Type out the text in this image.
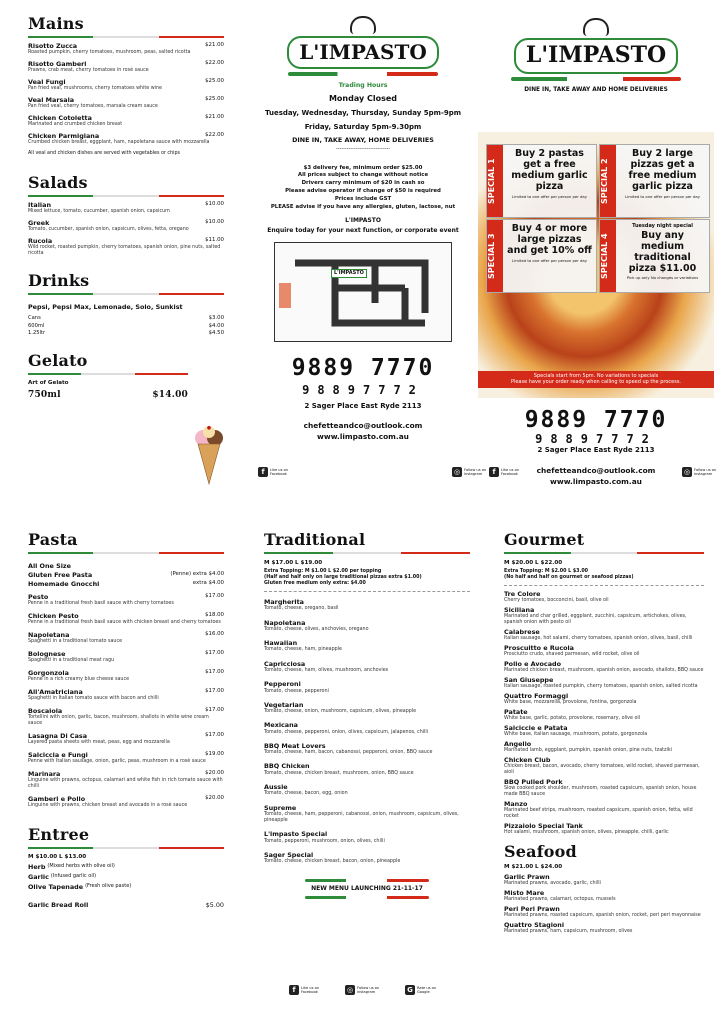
Mains
Risotto Zucca	$21.00
Roasted pumpkin, cherry tomatoes, mushroom, peas, salted ricotta
Risotto Gamberi	$22.00
Prawns, crab meat, cherry tomatoes in rosé sauce
Veal Fungi	$25.00
Pan fried veal, mushrooms, cherry tomatoes white wine
Veal Marsala	$25.00
Pan fried veal, cherry tomatoes, marsala cream sauce
Chicken Cotoletta	$21.00
Marinated and crumbed chicken breast
Chicken Parmigiana	$22.00
Crumbed chicken breast, eggplant, ham, napoletana sauce with mozzarella
All veal and chicken dishes are served with vegetables or chips
Salads
Italian	$10.00
Mixed lettuce, tomato, cucumber, spanish onion, capsicum
Greek	$10.00
Tomato, cucumber, spanish onion, capsicum, olives, fetta, oregano
Rucola	$11.00
Wild rocket, roasted pumpkin, cherry tomatoes, spanish onion, pine nuts, salted ricotta
Drinks
Pepsi, Pepsi Max, Lemonade, Solo, Sunkist
Cans	$3.00
600ml	$4.00
1.25ltr	$4.50
Gelato
Art of Gelato
750ml	$14.00
L'IMPASTO
Trading Hours
Monday Closed
Tuesday, Wednesday, Thursday, Sunday 5pm-9pm
Friday, Saturday 5pm-9.30pm
DINE IN, TAKE AWAY, HOME DELIVERIES
------------------------------
$3 delivery fee, minimum order $25.00
All prices subject to change without notice
Drivers carry minimum of $20 in cash so
Please advise operator if change of $50 is required
Prices include GST
PLEASE advise if you have any allergies, gluten, lactose, nut
L'IMPASTO
Enquire today for your next function, or corporate event
L'IMPASTO
9889 7770
98897772
2 Sager Place East Ryde 2113
chefetteandco@outlook.com
www.limpasto.com.au
f	Like us on Facebook	◎	Follow us on instagram
L'IMPASTO
DINE IN, TAKE AWAY AND HOME DELIVERIES
SPECIAL 1
Buy 2 pastas get a free medium garlic pizza
Limited to one offer per person per day	SPECIAL 2
Buy 2 large pizzas get a free medium garlic pizza
Limited to one offer per person per day
SPECIAL 3
Buy 4 or more large pizzas and get 10% off
Limited to one offer per person per day	SPECIAL 4
Tuesday night special
Buy any medium traditional pizza $11.00
Pick up only No changes or variations
Specials start from 5pm. No variations to specials
Please have your order ready when calling to speed up the process.
9889 7770
98897772
2 Sager Place East Ryde 2113
chefetteandco@outlook.com
www.limpasto.com.au
f	Like us on Facebook	◎	Follow us on instagram
Pasta
All One Size
Gluten Free Pasta	(Penne) extra $4.00
Homemade Gnocchi	extra $4.00
Pesto	$17.00
Penne in a traditional fresh basil sauce with cherry tomatoes
Chicken Pesto	$18.00
Penne in a traditional fresh basil sauce with chicken breast and cherry tomatoes
Napoletana	$16.00
Spaghetti in a traditional tomato sauce
Bolognese	$17.00
Spaghetti in a traditional meat ragu
Gorgonzola	$17.00
Penne in a rich creamy blue cheese sauce
All'Amatriciana	$17.00
Spaghetti in Italian tomato sauce with bacon and chilli
Boscaiola	$17.00
Tortellini with onion, garlic, bacon, mushroom, shallots in white wine cream sauce
Lasagna Di Casa	$17.00
Layered pasta sheets with meat, peas, egg and mozzarella
Salciccia e Fungi	$19.00
Penne with Italian sausage, onion, garlic, peas, mushroom in a rosè sauce
Marinara	$20.00
Linguine with prawns, octopus, calamari and white fish in rich tomato sauce with chilli
Gamberi e Pollo	$20.00
Linguine with prawns, chicken breast and avocado in a rosè sauce
Entree
M $10.00 L $13.00
Herb (Mixed herbs with olive oil)
Garlic (Infused garlic oil)
Olive Tapenade (Fresh olive paste)
Garlic Bread Roll	$5.00
Traditional
M $17.00 L $19.00
Extra Topping: M $1.00 L $2.00 per topping
(Half and half only on large traditional pizzas extra $1.00)
Gluten free medium only extra: $4.00
Margherita
Tomato, cheese, oregano, basil
Napoletana
Tomato, cheese, olives, anchovies, oregano
Hawaiian
Tomato, cheese, ham, pineapple
Capricciosa
Tomato, cheese, ham, olives, mushroom, anchovies
Pepperoni
Tomato, cheese, pepperoni
Vegetarian
Tomato, cheese, onion, mushroom, capsicum, olives, pineapple
Mexicana
Tomato, cheese, pepperoni, onion, olives, capsicum, jalapenos, chilli
BBQ Meat Lovers
Tomato, cheese, ham, bacon, cabanossi, pepperoni, onion, BBQ sauce
BBQ Chicken
Tomato, cheese, chicken breast, mushroom, onion, BBQ sauce
Aussie
Tomato, cheese, bacon, egg, onion
Supreme
Tomato, cheese, ham, pepperoni, cabanossi, onion, mushroom, capsicum, olives, pineapple
L'impasto Special
Tomato, pepperoni, mushroom, onion, olives, chilli
Sager Special
Tomato, cheese, chicken breast, bacon, onion, pineapple
NEW MENU LAUNCHING 21-11-17
f	Like us on Facebook	◎	Follow us on instagram	G	Rate us on Google
Gourmet
M $20.00 L $22.00
Extra Topping: M $2.00 L $3.00
(No half and half on gourmet or seafood pizzas)
Tre Colore
Cherry tomatoes, bocconcini, basil, olive oil
Siciliana
Marinated and char grilled, eggplant, zucchini, capsicum, artichokes, olives, spanish onion with pesto oil
Calabrese
Italian sausage, hot salami, cherry tomatoes, spanish onion, olives, basil, chilli
Proscuitto e Rucola
Prosciutto crudo, shaved parmesan, wild rocket, olive oil
Pollo e Avocado
Marinated chicken breast, mushroom, spanish onion, avocado, shallots, BBQ sauce
San Giuseppe
Italian sausage, roasted pumpkin, cherry tomatoes, spanish onion, salted ricotta
Quattro Formaggi
White base, mozzarella, provolone, fontina, gorgonzola
Patate
White base, garlic, potato, provolone, rosemary, olive oil
Salciccie e Patata
White base, italian sausage, mushroom, potato, gorgonzola
Angello
Marinated lamb, eggplant, pumpkin, spanish onion, pine nuts, tzatziki
Chicken Club
Chicken breast, bacon, avocado, cherry tomatoes, wild rocket, shaved parmesan, aioli
BBQ Pulled Pork
Slow cooked pork shoulder, mushroom, roasted capsicum, spanish onion, house made BBQ sauce
Manzo
Marinated beef strips, mushroom, roasted capsicum, spanish onion, fetta, wild rocket
Pizzaiolo Special Tank
Hot salami, mushroom, spanish onion, olives, pineapple, chilli, garlic
Seafood
M $21.00 L $24.00
Garlic Prawn
Marinated prawns, avocado, garlic, chilli
Misto Mare
Marinated prawns, calamari, octopus, mussels
Peri Peri Prawn
Marinated prawns, roasted capsicum, spanish onion, rocket, peri peri mayonnaise
Quattro Stagioni
Marinated prawns, ham, capsicum, mushroom, olives
